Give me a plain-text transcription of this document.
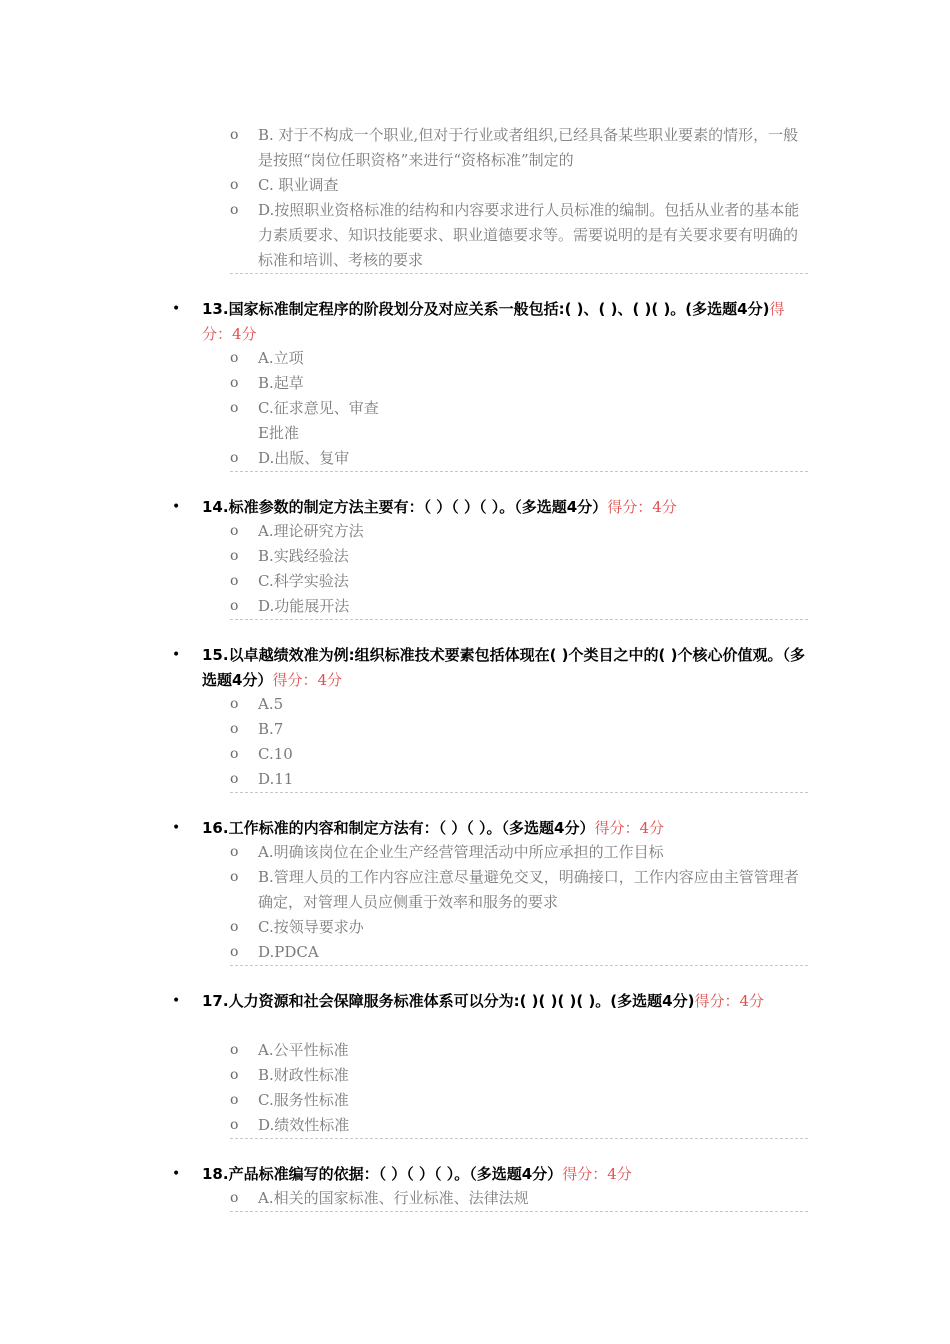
o	B. 对于不构成一个职业,但对于行业或者组织,已经具备某些职业要素的情形，一般是按照“岗位任职资格”来进行“资格标准”制定的
o	C. 职业调查
o	D.按照职业资格标准的结构和内容要求进行人员标准的编制。包括从业者的基本能力素质要求、知识技能要求、职业道德要求等。需要说明的是有关要求要有明确的标准和培训、考核的要求
•	13.国家标准制定程序的阶段划分及对应关系一般包括:( )、( )、( )( )。(多选题4分)得分：4分
o	A.立项
o	B.起草
o	C.征求意见、审查
E批准
o	D.出版、复审
•	14.标准参数的制定方法主要有：（ ）（ ）（ ）。（多选题4分）得分：4分
o	A.理论研究方法
o	B.实践经验法
o	C.科学实验法
o	D.功能展开法
•	15.以卓越绩效准为例:组织标准技术要素包括体现在( )个类目之中的( )个核心价值观。（多选题4分）得分：4分
o	A.5
o	B.7
o	C.10
o	D.11
•	16.工作标准的内容和制定方法有：（ ）（ ）。（多选题4分）得分：4分
o	A.明确该岗位在企业生产经营管理活动中所应承担的工作目标
o	B.管理人员的工作内容应注意尽量避免交叉，明确接口，工作内容应由主管管理者确定，对管理人员应侧重于效率和服务的要求
o	C.按领导要求办
o	D.PDCA
•	17.人力资源和社会保障服务标准体系可以分为:( )( )( )( )。(多选题4分)得分：4分
o	A.公平性标准
o	B.财政性标准
o	C.服务性标准
o	D.绩效性标准
•	18.产品标准编写的依据：（ ）（ ）（ ）。（多选题4分）得分：4分
o	A.相关的国家标准、行业标准、法律法规
